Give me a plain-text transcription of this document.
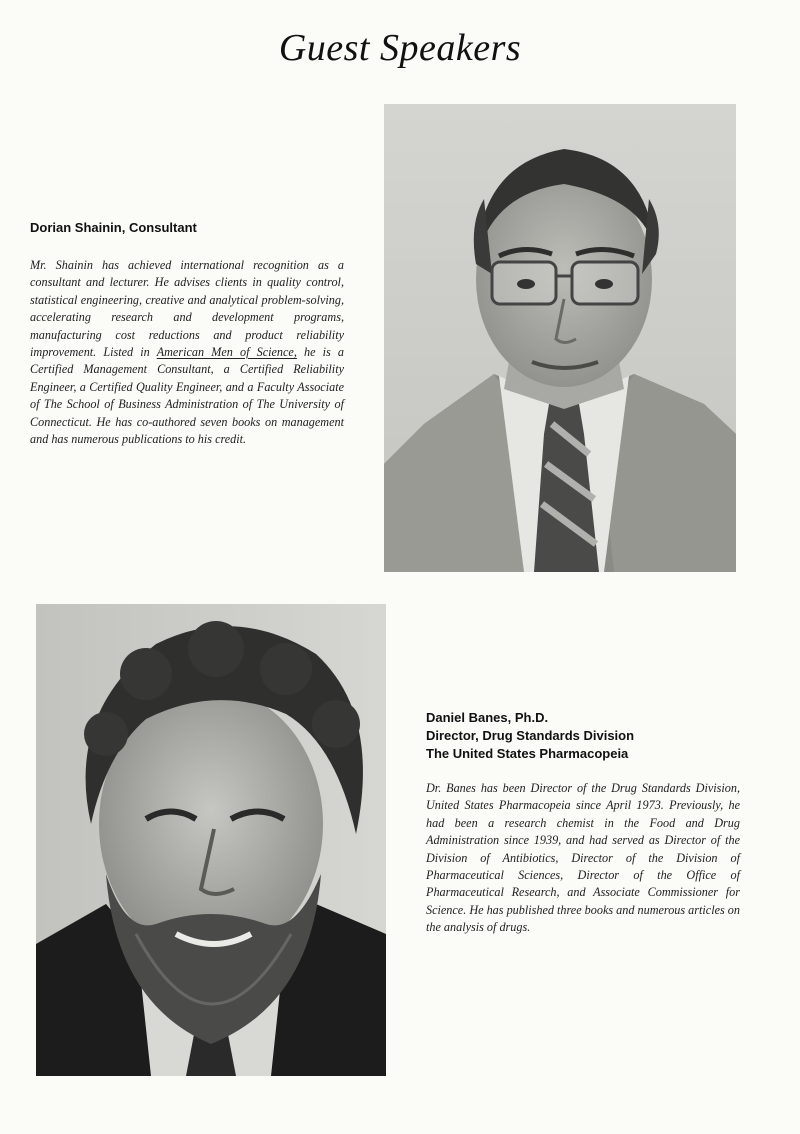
Guest Speakers
Dorian Shainin, Consultant
Mr. Shainin has achieved international recognition as a consultant and lecturer. He advises clients in quality control, statistical engineering, creative and analytical problem-solving, accelerating research and development programs, manufacturing cost reductions and product reliability improvement. Listed in American Men of Science, he is a Certified Management Consultant, a Certified Reliability Engineer, a Certified Quality Engineer, and a Faculty Associate of The School of Business Administration of The University of Connecticut. He has co-authored seven books on management and has numerous publications to his credit.
Daniel Banes, Ph.D.
Director, Drug Standards Division
The United States Pharmacopeia
Dr. Banes has been Director of the Drug Standards Division, United States Pharmacopeia since April 1973. Previously, he had been a research chemist in the Food and Drug Administration since 1939, and had served as Director of the Division of Antibiotics, Director of the Division of Pharmaceutical Sciences, Director of the Office of Pharmaceutical Research, and Associate Commissioner for Science. He has published three books and numerous articles on the analysis of drugs.
